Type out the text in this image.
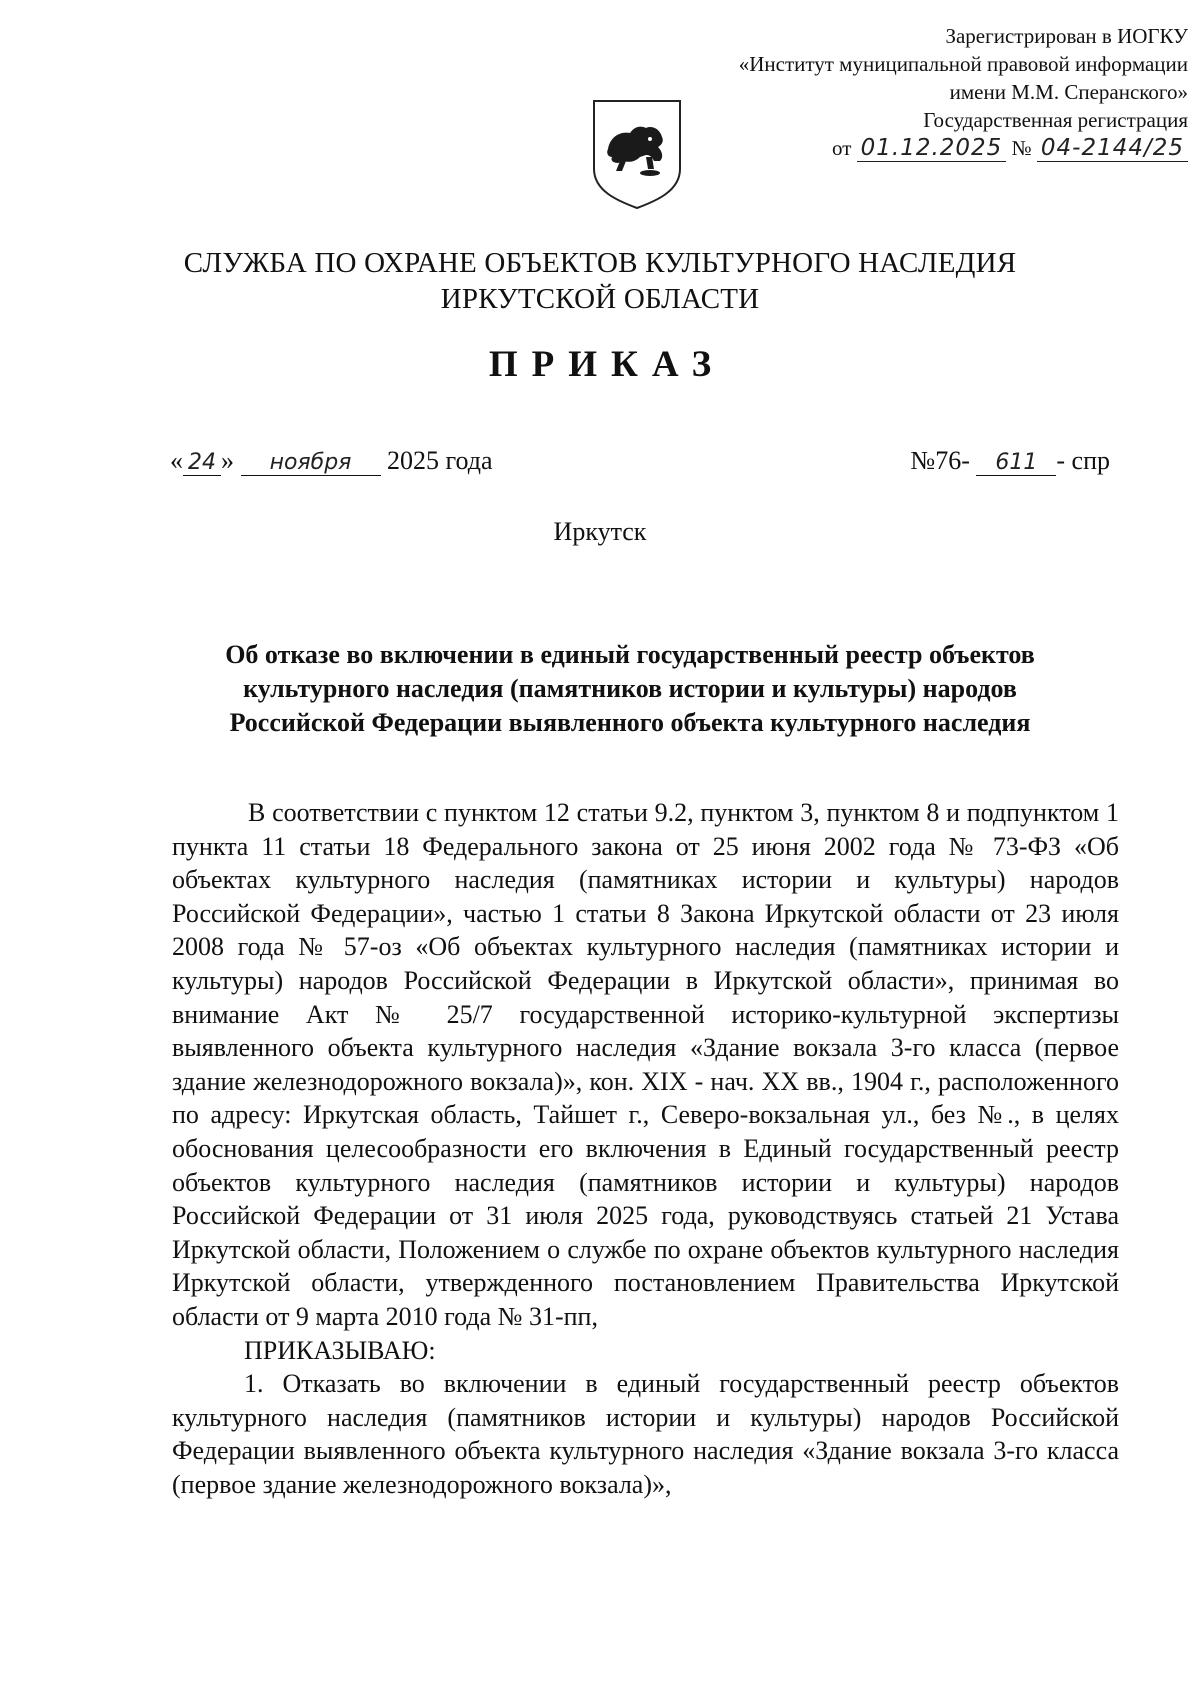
Зарегистрирован в ИОГКУ
«Институт муниципальной правовой информации
имени М.М. Сперанского»
Государственная регистрация
от 01.12.2025 № 04-2144/25
СЛУЖБА ПО ОХРАНЕ ОБЪЕКТОВ КУЛЬТУРНОГО НАСЛЕДИЯ
ИРКУТСКОЙ ОБЛАСТИ
ПРИКАЗ
« 24 » ноября 2025 года	№76- 611 - спр
Иркутск
Об отказе во включении в единый государственный реестр объектов
культурного наследия (памятников истории и культуры) народов
Российской Федерации выявленного объекта культурного наследия

В соответствии с пунктом 12 статьи 9.2, пунктом 3, пунктом 8 и подпунктом 1 пункта 11 статьи 18 Федерального закона от 25 июня 2002 года № 73-ФЗ «Об объектах культурного наследия (памятниках истории и культуры) народов Российской Федерации», частью 1 статьи 8 Закона Иркутской области от 23 июля 2008 года № 57-оз «Об объектах культурного наследия (памятниках истории и культуры) народов Российской Федерации в Иркутской области», принимая во внимание Акт № 25/7 государственной историко-культурной экспертизы выявленного объекта культурного наследия «Здание вокзала 3-го класса (первое здание железнодорожного вокзала)», кон. XIX - нач. XX вв., 1904 г., расположенного по адресу: Иркутская область, Тайшет г., Северо-вокзальная ул., без №., в целях обоснования целесообразности его включения в Единый государственный реестр объектов культурного наследия (памятников истории и культуры) народов Российской Федерации от 31 июля 2025 года, руководствуясь статьей 21 Устава Иркутской области, Положением о службе по охране объектов культурного наследия Иркутской области, утвержденного постановлением Правительства Иркутской области от 9 марта 2010 года № 31-пп,

ПРИКАЗЫВАЮ:

1. Отказать во включении в единый государственный реестр объектов культурного наследия (памятников истории и культуры) народов Российской Федерации выявленного объекта культурного наследия «Здание вокзала 3-го класса (первое здание железнодорожного вокзала)»,
